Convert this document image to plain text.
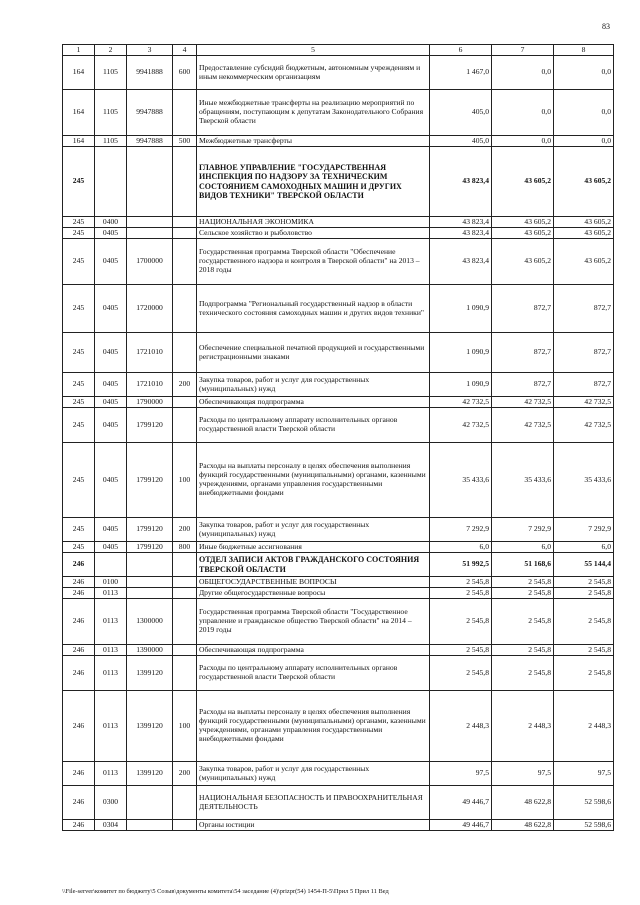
83
1	2	3	4	5	6	7	8
164	1105	9941888	600	Предоставление субсидий бюджетным, автономным учреждениям и иным некоммерческим организациям	1 467,0	0,0	0,0
164	1105	9947888		Иные межбюджетные трансферты на реализацию мероприятий по обращениям, поступающим к депутатам Законодательного Собрания Тверской области	405,0	0,0	0,0
164	1105	9947888	500	Межбюджетные трансферты	405,0	0,0	0,0
245				ГЛАВНОЕ УПРАВЛЕНИЕ "ГОСУДАРСТВЕННАЯ ИНСПЕКЦИЯ ПО НАДЗОРУ ЗА ТЕХНИЧЕСКИМ СОСТОЯНИЕМ САМОХОДНЫХ МАШИН И ДРУГИХ ВИДОВ ТЕХНИКИ" ТВЕРСКОЙ ОБЛАСТИ	43 823,4	43 605,2	43 605,2
245	0400			НАЦИОНАЛЬНАЯ ЭКОНОМИКА	43 823,4	43 605,2	43 605,2
245	0405			Сельское хозяйство и рыболовство	43 823,4	43 605,2	43 605,2
245	0405	1700000		Государственная программа Тверской области "Обеспечение государственного надзора и контроля в Тверской области" на 2013 – 2018 годы	43 823,4	43 605,2	43 605,2
245	0405	1720000		Подпрограмма "Региональный государственный надзор в области технического состояния самоходных машин и других видов техники"	1 090,9	872,7	872,7
245	0405	1721010		Обеспечение специальной печатной продукцией и государственными регистрационными знаками	1 090,9	872,7	872,7
245	0405	1721010	200	Закупка товаров, работ и услуг для государственных (муниципальных) нужд	1 090,9	872,7	872,7
245	0405	1790000		Обеспечивающая подпрограмма	42 732,5	42 732,5	42 732,5
245	0405	1799120		Расходы по центральному аппарату исполнительных органов государственной власти Тверской области	42 732,5	42 732,5	42 732,5
245	0405	1799120	100	Расходы на выплаты персоналу в целях обеспечения выполнения функций государственными (муниципальными) органами, казенными учреждениями, органами управления государственными внебюджетными фондами	35 433,6	35 433,6	35 433,6
245	0405	1799120	200	Закупка товаров, работ и услуг для государственных (муниципальных) нужд	7 292,9	7 292,9	7 292,9
245	0405	1799120	800	Иные бюджетные ассигнования	6,0	6,0	6,0
246				ОТДЕЛ ЗАПИСИ АКТОВ ГРАЖДАНСКОГО СОСТОЯНИЯ ТВЕРСКОЙ ОБЛАСТИ	51 992,5	51 168,6	55 144,4
246	0100			ОБЩЕГОСУДАРСТВЕННЫЕ ВОПРОСЫ	2 545,8	2 545,8	2 545,8
246	0113			Другие общегосударственные вопросы	2 545,8	2 545,8	2 545,8
246	0113	1300000		Государственная программа Тверской области "Государственное управление и гражданское общество Тверской области" на 2014 – 2019 годы	2 545,8	2 545,8	2 545,8
246	0113	1390000		Обеспечивающая подпрограмма	2 545,8	2 545,8	2 545,8
246	0113	1399120		Расходы по центральному аппарату исполнительных органов государственной власти Тверской области	2 545,8	2 545,8	2 545,8
246	0113	1399120	100	Расходы на выплаты персоналу в целях обеспечения выполнения функций государственными (муниципальными) органами, казенными учреждениями, органами управления государственными внебюджетными фондами	2 448,3	2 448,3	2 448,3
246	0113	1399120	200	Закупка товаров, работ и услуг для государственных (муниципальных) нужд	97,5	97,5	97,5
246	0300			НАЦИОНАЛЬНАЯ БЕЗОПАСНОСТЬ И ПРАВООХРАНИТЕЛЬНАЯ ДЕЯТЕЛЬНОСТЬ	49 446,7	48 622,8	52 598,6
246	0304			Органы юстиции	49 446,7	48 622,8	52 598,6
\\File-server\комитет по бюджету\5 Созыв\документы комитета\54 заседание (4)\prizpr(54) 1454-П-5\Прил 5 Прил 11 Вед
